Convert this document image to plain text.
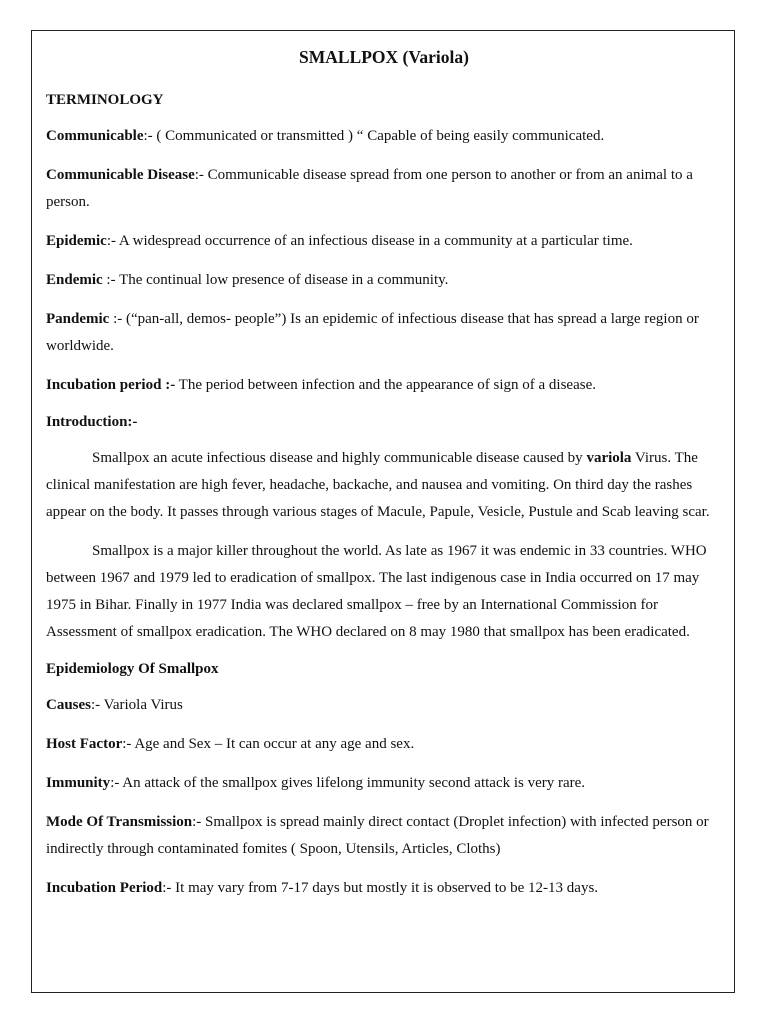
SMALLPOX (Variola)
TERMINOLOGY
Communicable:- ( Communicated or transmitted ) “ Capable of being easily communicated.
Communicable Disease:- Communicable disease spread from one person to another or from an animal to a person.
Epidemic:- A widespread occurrence of an infectious disease in a community at a particular time.
Endemic :- The continual low presence of disease in a community.
Pandemic :- (“pan-all, demos- people”) Is an epidemic of infectious disease that has spread a large region or worldwide.
Incubation period :- The period between infection and the appearance of sign of a disease.
Introduction:-
Smallpox an acute infectious disease and highly communicable disease caused by variola Virus. The clinical manifestation are high fever, headache, backache, and nausea and vomiting. On third day the rashes appear on the body. It passes through various stages of Macule, Papule, Vesicle, Pustule and Scab leaving scar.
Smallpox is a major killer throughout the world. As late as 1967 it was endemic in 33 countries. WHO between 1967 and 1979 led to eradication of smallpox. The last indigenous case in India occurred on 17 may 1975 in Bihar. Finally in 1977 India was declared smallpox – free by an International Commission for Assessment of smallpox eradication. The WHO declared on 8 may 1980 that smallpox has been eradicated.
Epidemiology Of Smallpox
Causes:- Variola Virus
Host Factor:- Age and Sex – It can occur at any age and sex.
Immunity:- An attack of the smallpox gives lifelong immunity second attack is very rare.
Mode Of Transmission:- Smallpox is spread mainly direct contact (Droplet infection) with infected person or indirectly through contaminated fomites ( Spoon, Utensils, Articles, Cloths)
Incubation Period:- It may vary from 7-17 days but mostly it is observed to be 12-13 days.
